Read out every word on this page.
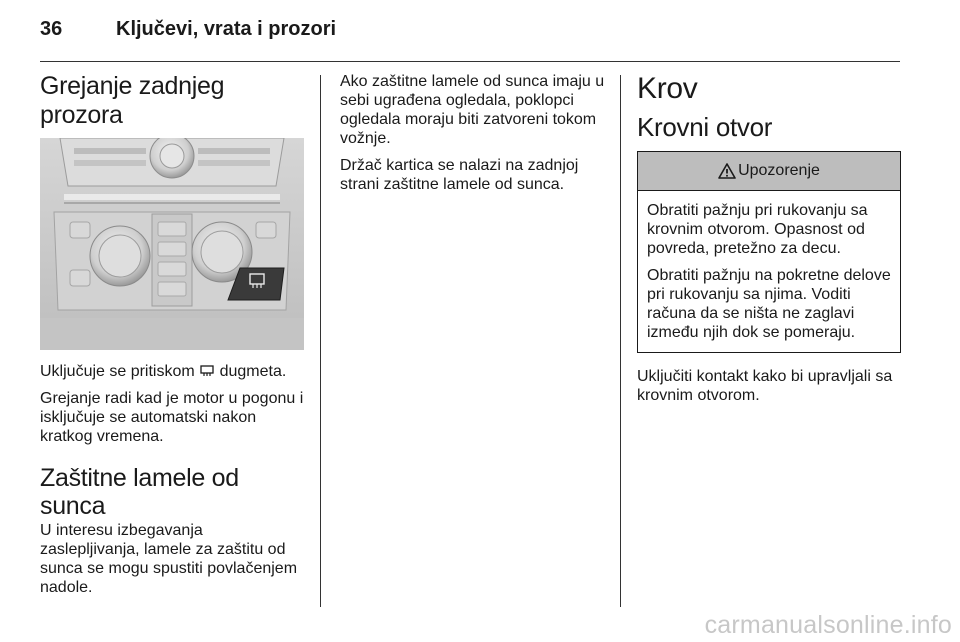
36	Ključevi, vrata i prozori
Grejanje zadnjeg prozora

Uključuje se pritiskom  dugmeta.

Grejanje radi kad je motor u pogonu i isključuje se automatski nakon kratkog vremena.

Zaštitne lamele od sunca

U interesu izbegavanja zaslepljivanja, lamele za zaštitu od sunca se mogu spustiti povlačenjem nadole.

Ako zaštitne lamele od sunca imaju u sebi ugrađena ogledala, poklopci ogledala moraju biti zatvoreni tokom vožnje.

Držač kartica se nalazi na zadnjoj strani zaštitne lamele od sunca.

Krov
Krovni otvor
Upozorenje

Obratiti pažnju pri rukovanju sa krovnim otvorom. Opasnost od povreda, pretežno za decu.

Obratiti pažnju na pokretne delove pri rukovanju sa njima. Voditi računa da se ništa ne zaglavi između njih dok se pomeraju.

Uključiti kontakt kako bi upravljali sa krovnim otvorom.

carmanualsonline.info
